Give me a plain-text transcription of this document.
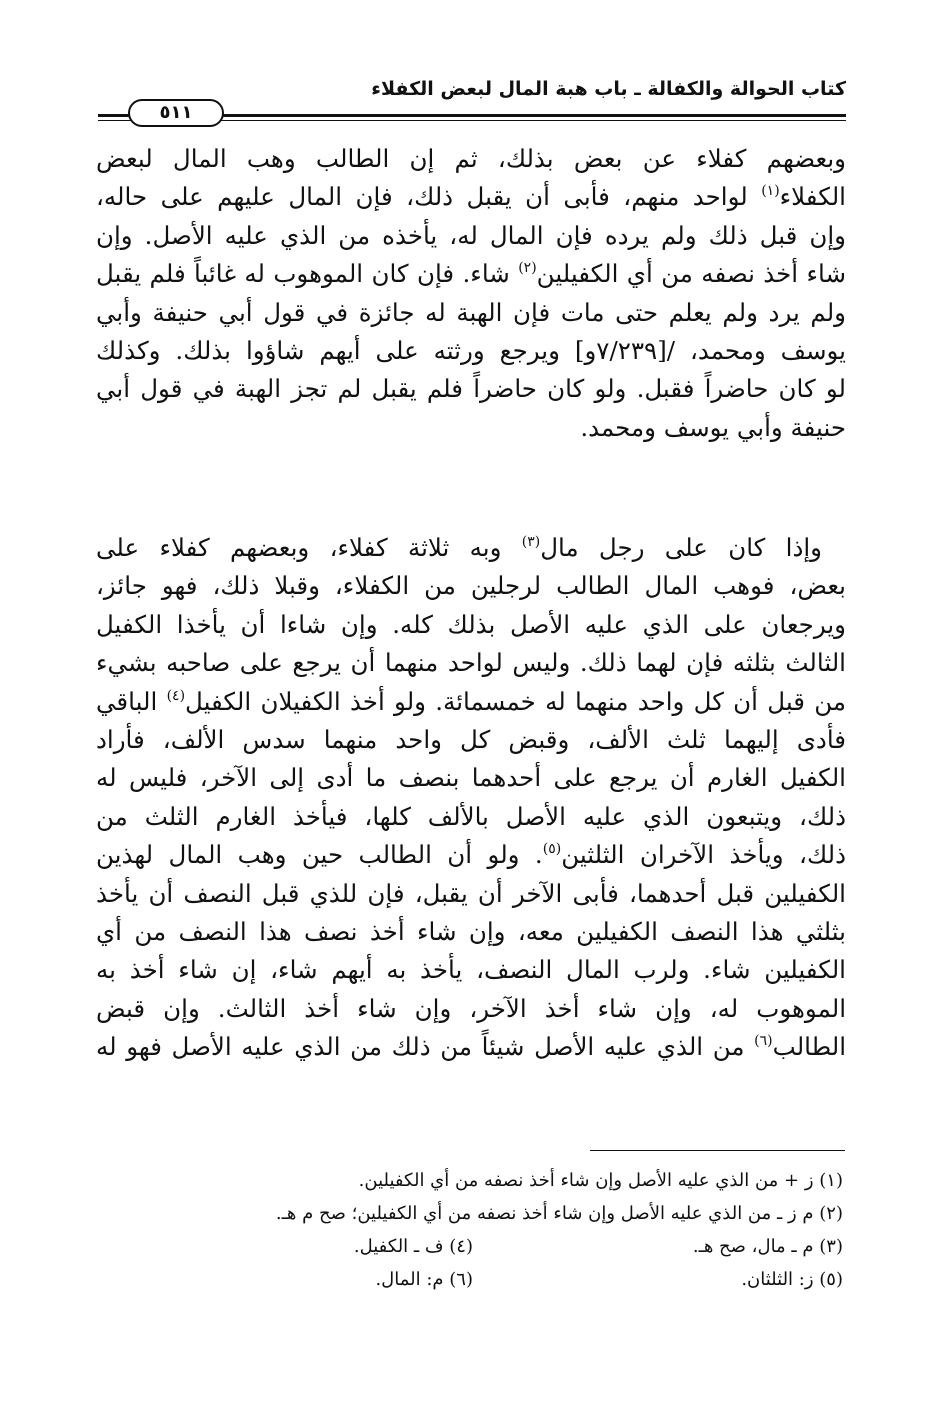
كتاب الحوالة والكفالة ـ باب هبة المال لبعض الكفلاء
٥١١
وبعضهم كفلاء عن بعض بذلك، ثم إن الطالب وهب المال لبعض
الكفلاء$^{(١)}$ لواحد منهم، فأبى أن يقبل ذلك، فإن المال عليهم على حاله،
وإن قبل ذلك ولم يرده فإن المال له، يأخذه من الذي عليه الأصل. وإن
شاء أخذ نصفه من أي الكفيلين$^{(٢)}$ شاء. فإن كان الموهوب له غائباً فلم يقبل
ولم يرد ولم يعلم حتى مات فإن الهبة له جائزة في قول أبي حنيفة وأبي
يوسف ومحمد، /[٧/٢٣٩و] ويرجع ورثته على أيهم شاؤوا بذلك. وكذلك
لو كان حاضراً فقبل. ولو كان حاضراً فلم يقبل لم تجز الهبة في قول أبي
حنيفة وأبي يوسف ومحمد.
وإذا كان على رجل مال$^{(٣)}$ وبه ثلاثة كفلاء، وبعضهم كفلاء على
بعض، فوهب المال الطالب لرجلين من الكفلاء، وقبلا ذلك، فهو جائز،
ويرجعان على الذي عليه الأصل بذلك كله. وإن شاءا أن يأخذا الكفيل
الثالث بثلثه فإن لهما ذلك. وليس لواحد منهما أن يرجع على صاحبه بشيء
من قبل أن كل واحد منهما له خمسمائة. ولو أخذ الكفيلان الكفيل$^{(٤)}$ الباقي
فأدى إليهما ثلث الألف، وقبض كل واحد منهما سدس الألف، فأراد
الكفيل الغارم أن يرجع على أحدهما بنصف ما أدى إلى الآخر، فليس له
ذلك، ويتبعون الذي عليه الأصل بالألف كلها، فيأخذ الغارم الثلث من
ذلك، ويأخذ الآخران الثلثين$^{(٥)}$. ولو أن الطالب حين وهب المال لهذين
الكفيلين قبل أحدهما، فأبى الآخر أن يقبل، فإن للذي قبل النصف أن يأخذ
بثلثي هذا النصف الكفيلين معه، وإن شاء أخذ نصف هذا النصف من أي
الكفيلين شاء. ولرب المال النصف، يأخذ به أيهم شاء، إن شاء أخذ به
الموهوب له، وإن شاء أخذ الآخر، وإن شاء أخذ الثالث. وإن قبض
الطالب$^{(٦)}$ من الذي عليه الأصل شيئاً من ذلك من الذي عليه الأصل فهو له
(١) ز + من الذي عليه الأصل وإن شاء أخذ نصفه من أي الكفيلين.
(٢) م ز ـ من الذي عليه الأصل وإن شاء أخذ نصفه من أي الكفيلين؛ صح م هـ.
(٣) م ـ مال، صح هـ.(٤) ف ـ الكفيل.
(٥) ز: الثلثان.(٦) م: المال.
